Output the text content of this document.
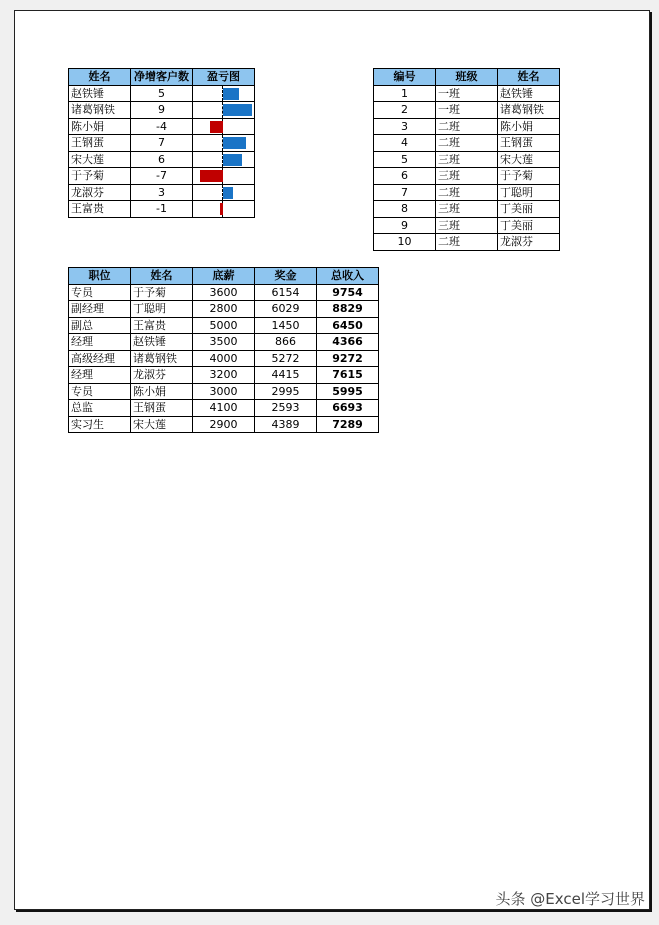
姓名	净增客户数	盈亏图
赵铁锤	5	

诸葛钢铁	9	

陈小娟	-4	

王钢蛋	7	

宋大莲	6	

于予菊	-7	

龙淑芬	3	

王富贵	-1	
编号	班级	姓名
1	一班	赵铁锤
2	一班	诸葛钢铁
3	二班	陈小娟
4	二班	王钢蛋
5	三班	宋大莲
6	三班	于予菊
7	二班	丁聪明
8	三班	丁美丽
9	三班	丁美丽
10	二班	龙淑芬
职位	姓名	底薪	奖金	总收入
专员	于予菊	3600	6154	9754
副经理	丁聪明	2800	6029	8829
副总	王富贵	5000	1450	6450
经理	赵铁锤	3500	866	4366
高级经理	诸葛钢铁	4000	5272	9272
经理	龙淑芬	3200	4415	7615
专员	陈小娟	3000	2995	5995
总监	王钢蛋	4100	2593	6693
实习生	宋大莲	2900	4389	7289
头条 @Excel学习世界
